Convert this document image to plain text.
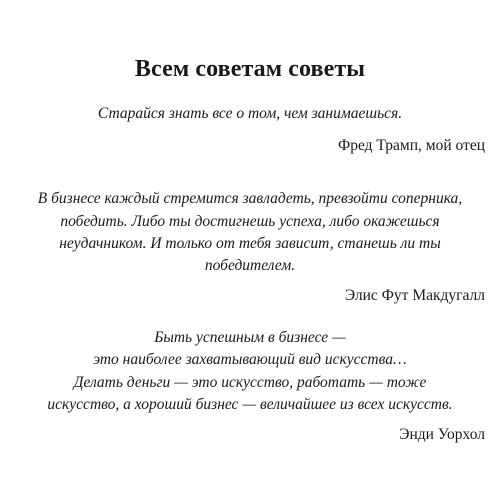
Всем советам советы
Старайся знать все о том, чем занимаешься.
Фред Трамп, мой отец
В бизнесе каждый стремится завладеть, превзойти соперника,
победить. Либо ты достигнешь успеха, либо окажешься
неудачником. И только от тебя зависит, станешь ли ты
победителем.
Элис Фут Макдугалл
Быть успешным в бизнесе —
это наиболее захватывающий вид искусства…
Делать деньги — это искусство, работать — тоже
искусство, а хороший бизнес — величайшее из всех искусств.
Энди Уорхол
